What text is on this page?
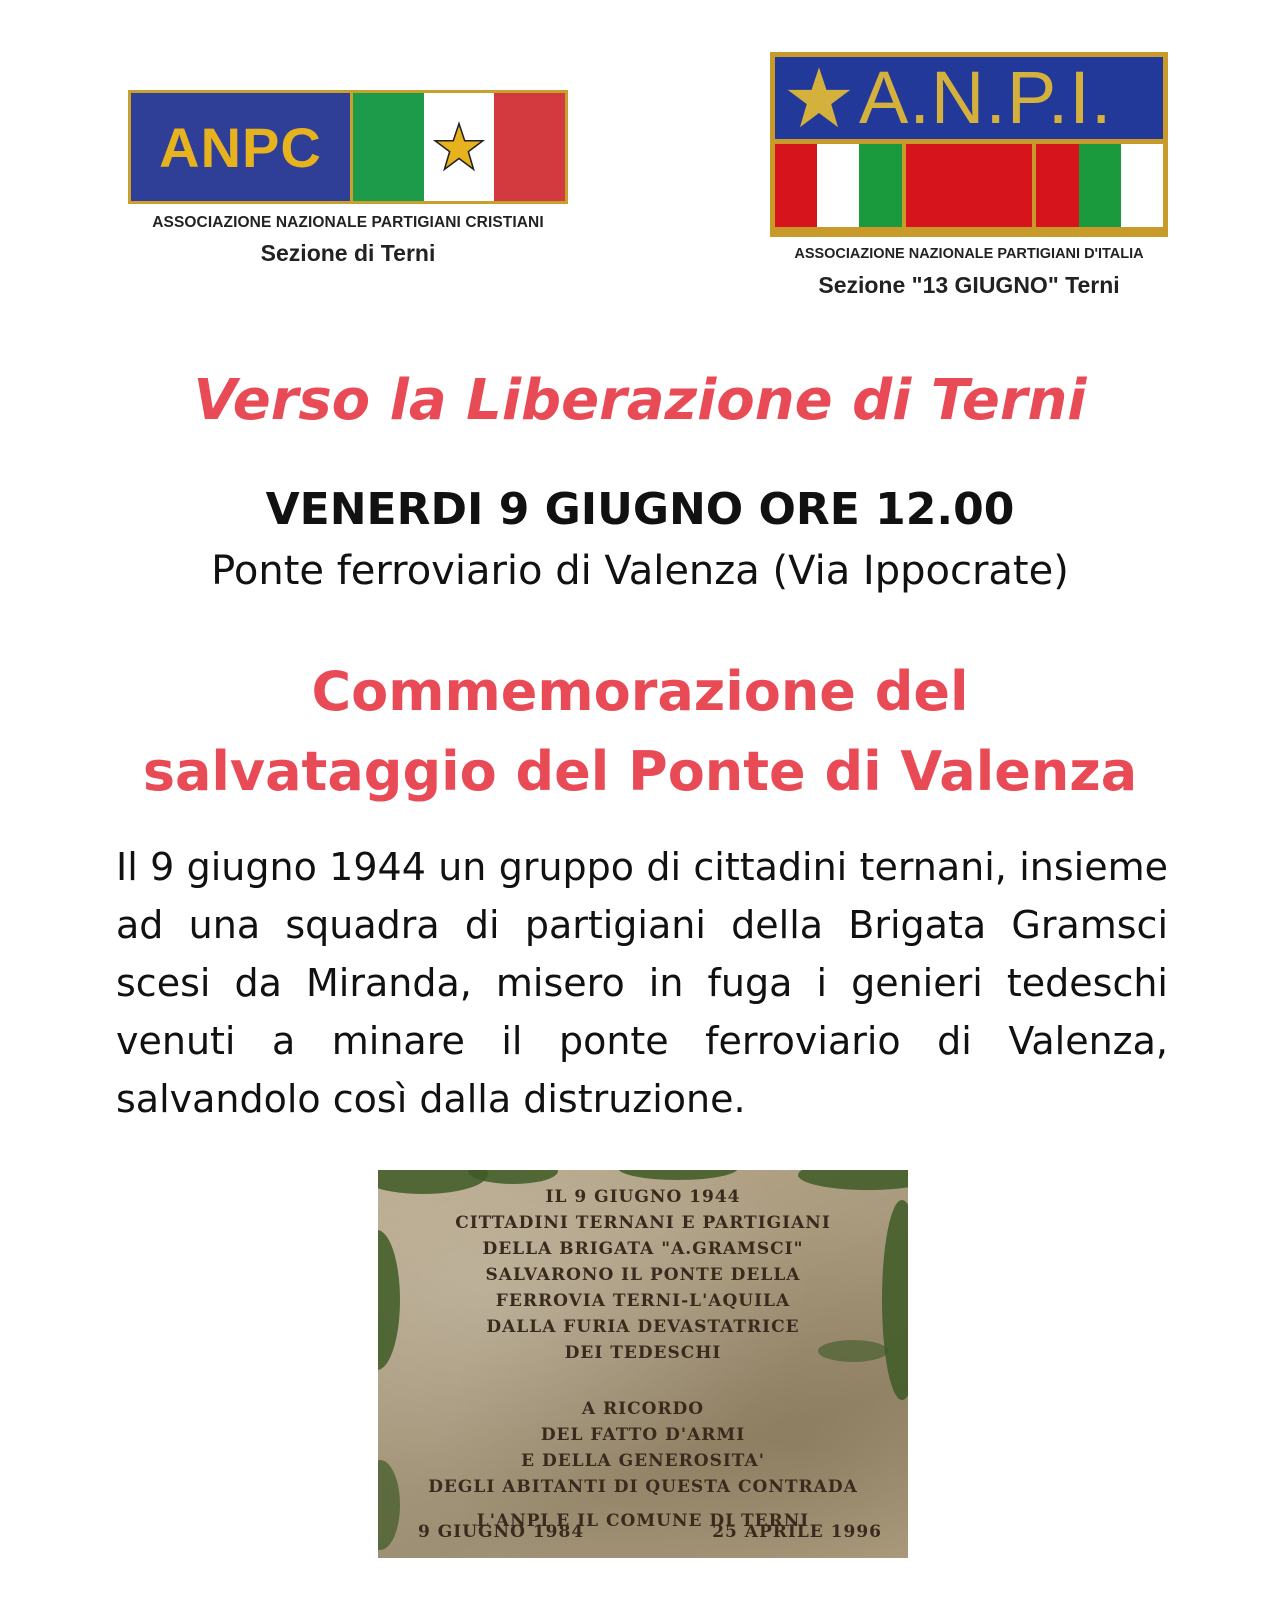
ANPC
ASSOCIAZIONE NAZIONALE PARTIGIANI CRISTIANI
Sezione di Terni
A.N.P.I.
ASSOCIAZIONE NAZIONALE PARTIGIANI D'ITALIA
Sezione "13 GIUGNO" Terni
Verso la Liberazione di Terni
VENERDI 9 GIUGNO ORE 12.00
Ponte ferroviario di Valenza (Via Ippocrate)
Commemorazione del
salvataggio del Ponte di Valenza
Il 9 giugno 1944 un gruppo di cittadini ternani, insieme ad una squadra di partigiani della Brigata Gramsci scesi da Miranda, misero in fuga i genieri tedeschi venuti a minare il ponte ferroviario di Valenza, salvandolo così dalla distruzione.
IL 9 GIUGNO 1944
CITTADINI TERNANI E PARTIGIANI
DELLA BRIGATA "A.GRAMSCI"
SALVARONO IL PONTE DELLA
FERROVIA TERNI-L'AQUILA
DALLA FURIA DEVASTATRICE
DEI TEDESCHI
A RICORDO
DEL FATTO D'ARMI
E DELLA GENEROSITA'
DEGLI ABITANTI DI QUESTA CONTRADA
L'ANPI E IL COMUNE DI TERNI
9 GIUGNO 1984	25 APRILE 1996
